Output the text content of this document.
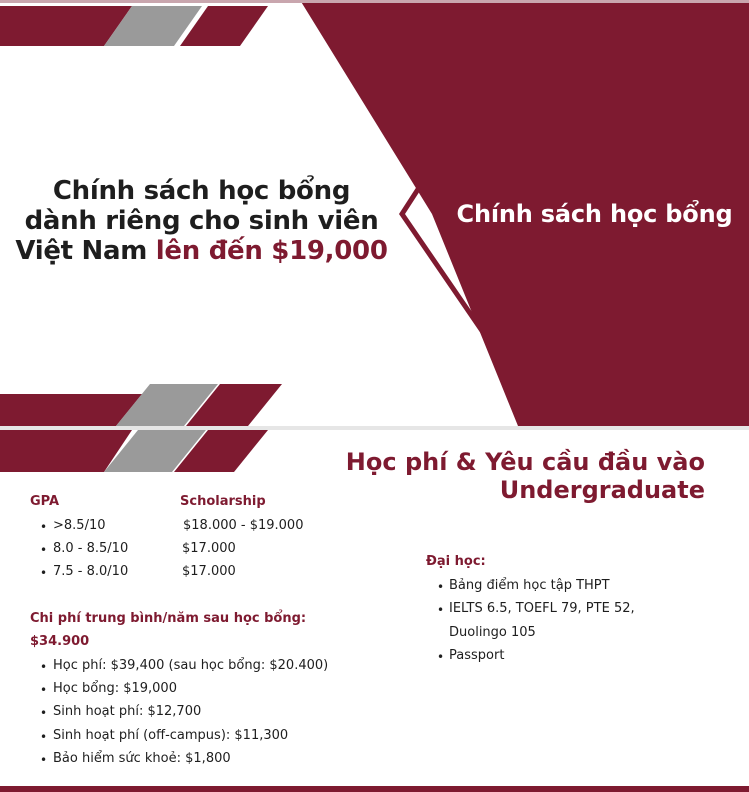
Chính sách học bổng
dành riêng cho sinh viên
Việt Nam lên đến $19,000
Chính sách học bổng
Học phí & Yêu cầu đầu vào
Undergraduate
GPA	Scholarship
• >8.5/10	$18.000 - $19.000
• 8.0 - 8.5/10	$17.000
• 7.5 - 8.0/10	$17.000
Chi phí trung bình/năm sau học bổng:
$34.900
• Học phí: $39,400 (sau học bổng: $20.400)
• Học bổng: $19,000
• Sinh hoạt phí: $12,700
• Sinh hoạt phí (off-campus): $11,300
• Bảo hiểm sức khoẻ: $1,800
Đại học:
• Bảng điểm học tập THPT
• IELTS 6.5, TOEFL 79, PTE 52,
Duolingo 105
• Passport
